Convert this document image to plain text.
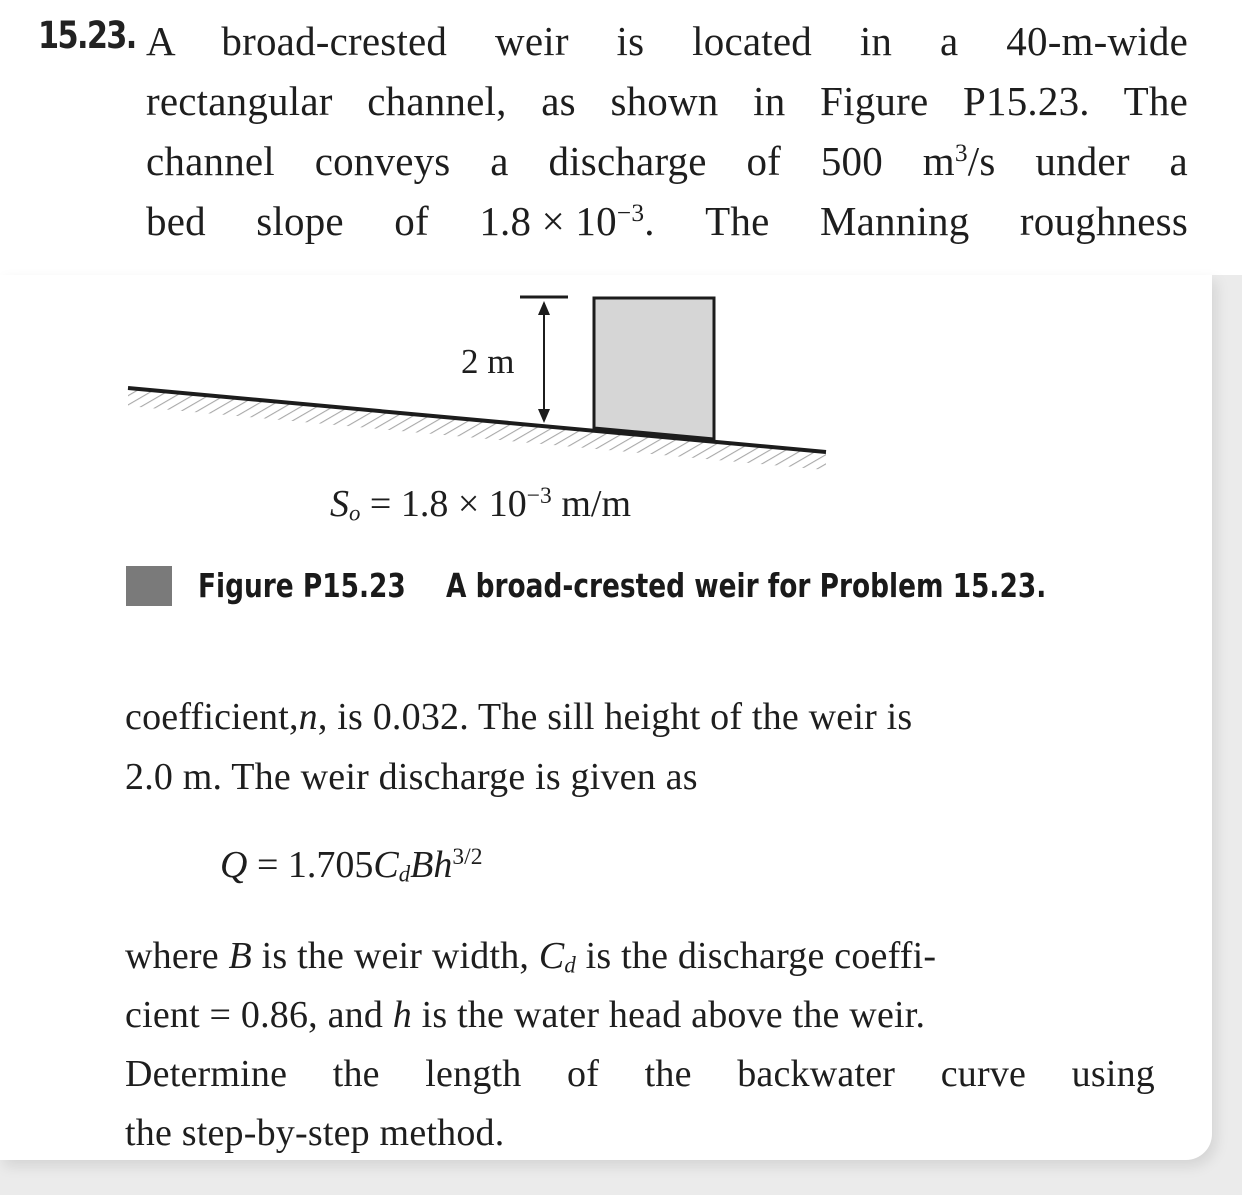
15.23. A broad-crested weir is located in a 40-m-wide
rectangular channel, as shown in Figure P15.23. The
channel conveys a discharge of 500 $m^3/s$ under a
bed slope of $1.8 \times 10^{-3}$. The Manning roughness
2 m
$S_o = 1.8 \times 10^{-3}$ m/m
Figure P15.23 A broad-crested weir for Problem 15.23.
coefficient, n, is 0.032. The sill height of the weir is
2.0 m. The weir discharge is given as
$Q = 1.705C_dBh^{3/2}$
where B is the weir width, $C_d$ is the discharge coeffi-
cient = 0.86, and h is the water head above the weir.
Determine the length of the backwater curve using
the step-by-step method.
